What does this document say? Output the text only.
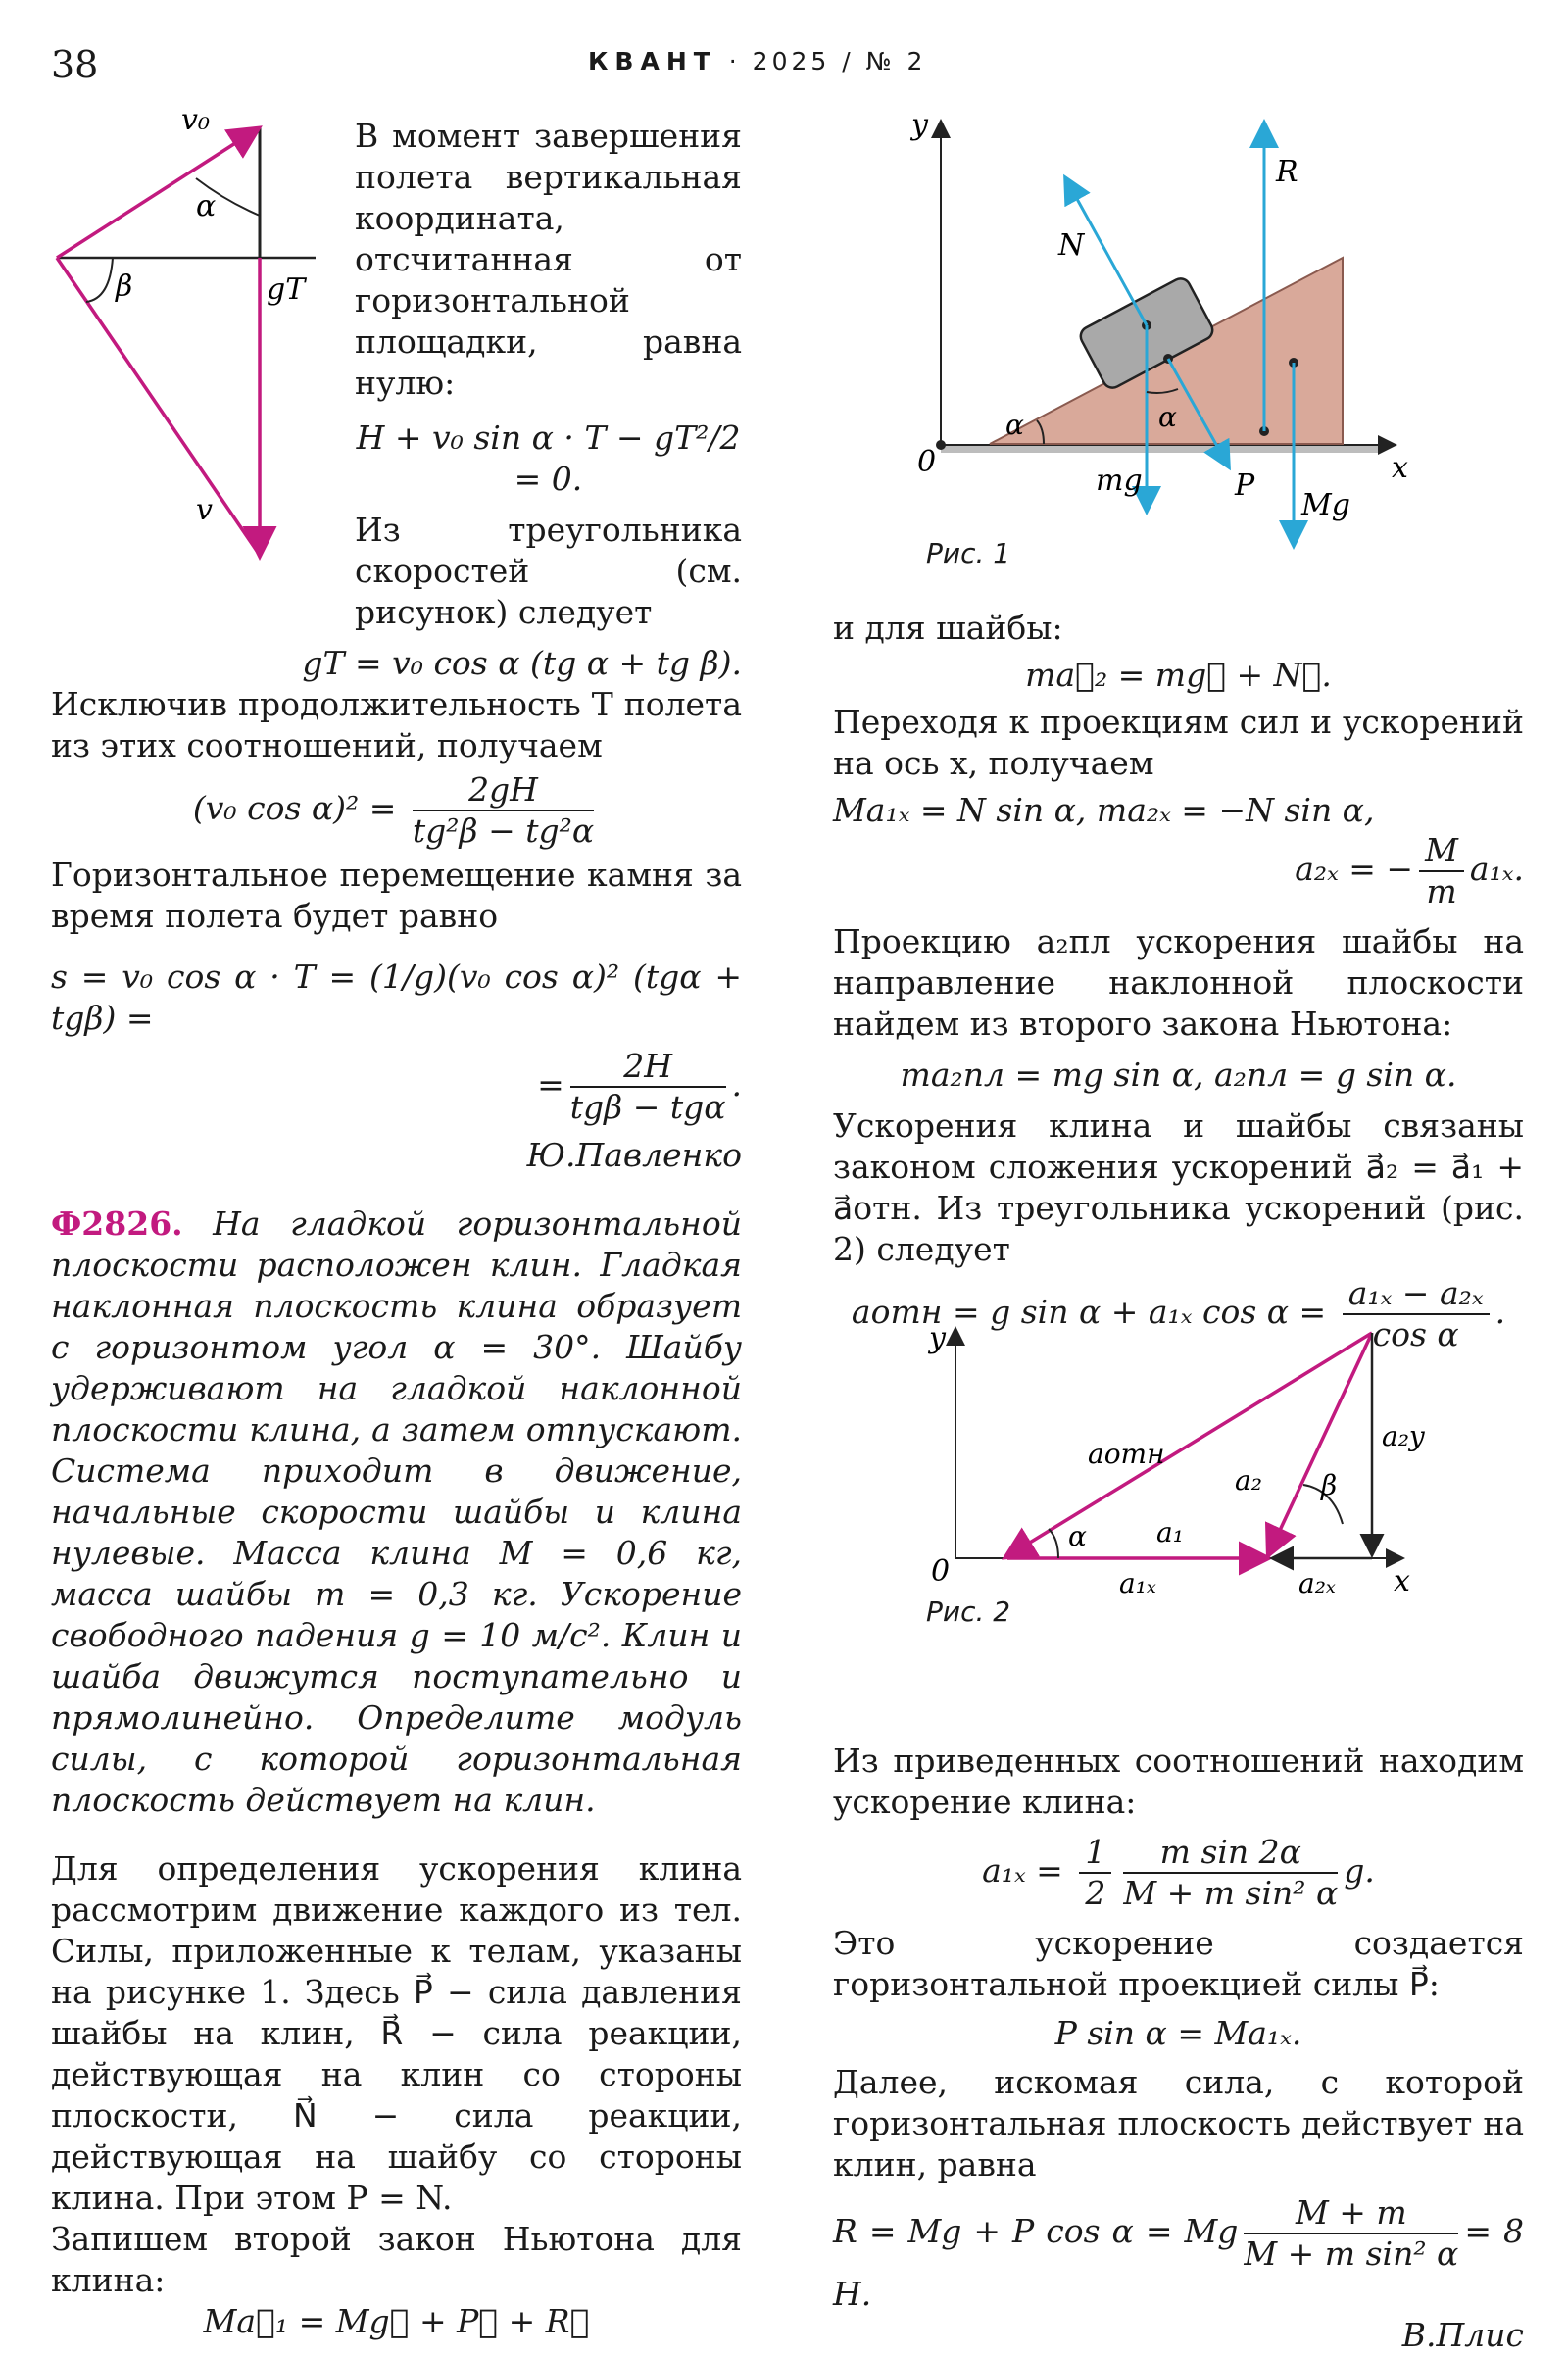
38	КВАНТ · 2025 / № 2
v₀
α
β	gT
v

В момент завершения полета вертикальная координата, отсчитанная от горизонтальной площадки, равна нулю:

H + v₀ sin α · T − gT²/2 = 0.

Из треугольника скоростей (см. рисунок) следует

gT = v₀ cos α (tg α + tg β).

Исключив продолжительность T полета из этих соотношений, получаем

(v₀ $\cos \alpha)^2 = \frac{2gH}{\text{tg²β − tg²α}}$

Горизонтальное перемещение камня за время полета будет равно

s = v₀ cos α · T = (1/g)(v₀ cos α)² (tgα + tgβ) =

= $\frac{2H}{\text{tgβ − tgα}}$ .

Ю.Павленко

Ф2826. На гладкой горизонтальной плоскости расположен клин. Гладкая наклонная плоскость клина образует с горизонтом угол α = 30°. Шайбу удерживают на гладкой наклонной плоскости клина, а затем отпускают. Система приходит в движение, начальные скорости шайбы и клина нулевые. Масса клина M = 0,6 кг, масса шайбы m = 0,3 кг. Ускорение свободного падения g = 10 м/с². Клин и шайба движутся поступательно и прямолинейно. Определите модуль силы, с которой горизонтальная плоскость действует на клин.

Для определения ускорения клина рассмотрим движение каждого из тел. Силы, приложенные к телам, указаны на рисунке 1. Здесь P⃗ − сила давления шайбы на клин, R⃗ − сила реакции, действующая на клин со стороны плоскости, N⃗ − сила реакции, действующая на шайбу со стороны клина. При этом P = N.

Запишем второй закон Ньютона для клина:

Ma⃗₁ = Mg⃗ + P⃗ + R⃗

y
x
0
R
N
mg	P
Mg
α	α
Рис. 1

и для шайбы:

ma⃗₂ = mg⃗ + N⃗.

Переходя к проекциям сил и ускорений на ось x, получаем

Ma₁ₓ = N sin α, ma₂ₓ = −N sin α,

a₂ₓ = − $\frac{M}{m} a_{1x}$.

Проекцию a₂пл ускорения шайбы на направление наклонной плоскости найдем из второго закона Ньютона:

ma₂пл = mg sin α, a₂пл = g sin α.

Ускорения клина и шайбы связаны законом сложения ускорений a⃗₂ = a⃗₁ + a⃗отн. Из треугольника ускорений (рис. 2) следует

aотн = g sin α + a₁ₓ $\cos \alpha = \frac{\text{a₁ₓ − a₂ₓ}}{\text{cos α}}$ .

Из приведенных соотношений находим ускорение клина:

$a_{1x} = \frac{1}{2} \frac{\text{m sin 2α}}{\text{M + m sin² α}} g$.

Это ускорение создается горизонтальной проекцией силы P⃗:

P sin α = Ma₁ₓ.

Далее, искомая сила, с которой горизонтальная плоскость действует на клин, равна

R = Mg + P cos α = Mg $\frac{M + m}{\text{M + m sin² α}} = 8$ Н.

В.Плис

y
x
0
aотн
a₂
a₁
a₁ₓ	a₂ₓ
a₂y
α
β
Рис. 2
